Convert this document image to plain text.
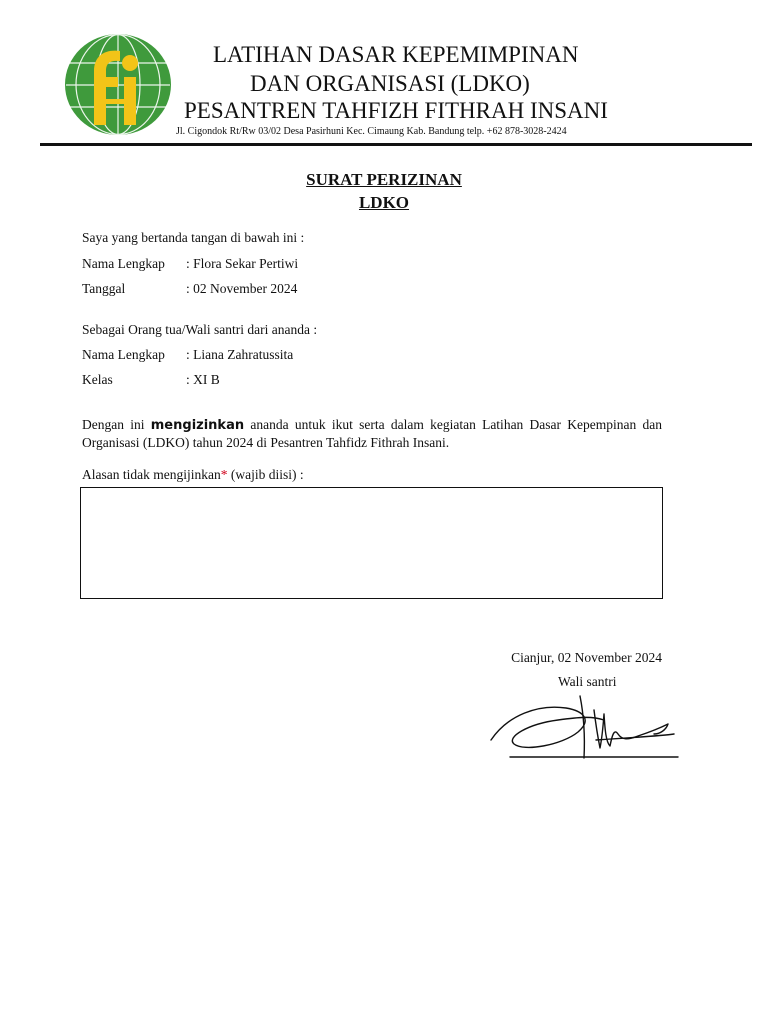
LATIHAN DASAR KEPEMIMPINAN
DAN ORGANISASI (LDKO)
PESANTREN TAHFIZH FITHRAH INSANI
Jl. Cigondok Rt/Rw 03/02 Desa Pasirhuni Kec. Cimaung Kab. Bandung telp. +62 878-3028-2424
SURAT PERIZINAN
LDKO
Saya yang bertanda tangan di bawah ini :
Nama Lengkap : Flora Sekar Pertiwi
Tanggal	: 02 November 2024
Sebagai Orang tua/Wali santri dari ananda :
Nama Lengkap : Liana Zahratussita
Kelas	: XI B
Dengan ini mengizinkan ananda untuk ikut serta dalam kegiatan Latihan Dasar Kepempinan dan Organisasi (LDKO) tahun 2024 di Pesantren Tahfidz Fithrah Insani.
Alasan tidak mengijinkan* (wajib diisi) :
Cianjur, 02 November 2024
Wali santri
